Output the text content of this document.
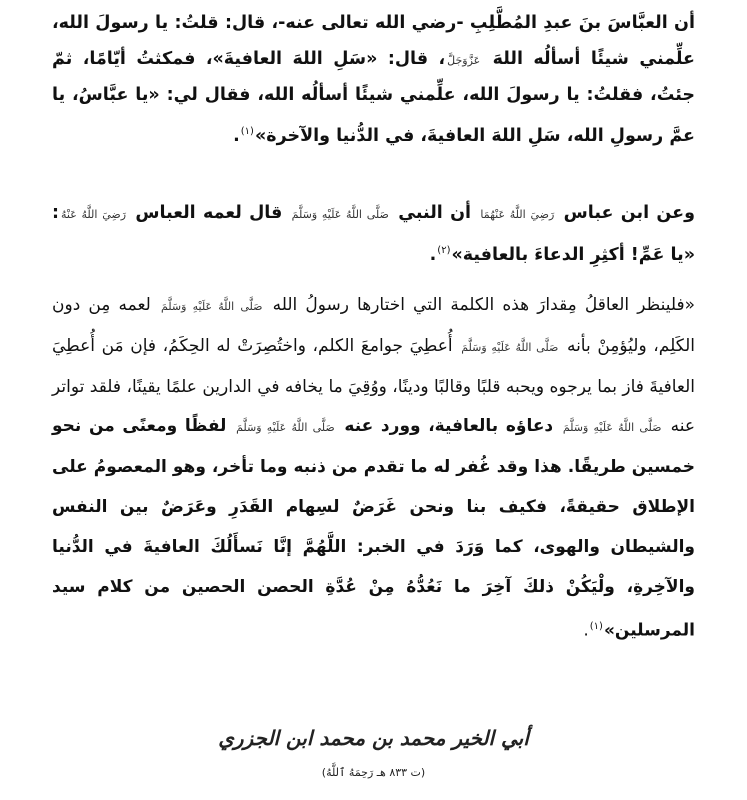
أن العبَّاسَ بنَ عبدِ المُطَّلِبِ -رضي الله تعالى عنه-، قال: قلتُ: يا رسولَ الله، علِّمني شيئًا أسألُه اللهَ عَزَّوَجَلَّ، قال: «سَلِ اللهَ العافيةَ»، فمكثتُ أيّامًا، ثمّ جئتُ، فقلتُ: يا رسولَ الله، علِّمني شيئًا أسألُه الله، فقال لي: «يا عبَّاسُ، يا عمَّ رسولِ الله، سَلِ اللهَ العافيةَ، في الدُّنيا والآخرة»$^{(١)}$.

وعن ابن عباس رَضِيَ اللَّهُ عَنْهُمَا أن النبي صَلَّى اللَّهُ عَلَيْهِ وَسَلَّمَ قال لعمه العباس رَضِيَ اللَّهُ عَنْهُ: «يا عَمِّ! أكثِرِ الدعاءَ بالعافية»$^{(٢)}$.

«فلينظر العاقلُ مِقدارَ هذه الكلمة التي اختارها رسولُ الله صَلَّى اللَّهُ عَلَيْهِ وَسَلَّمَ لعمه مِن دون الكَلِم، وليُؤمِنْ بأنه صَلَّى اللَّهُ عَلَيْهِ وَسَلَّمَ أُعطِيَ جوامعَ الكلم، واختُصِرَتْ له الحِكَمُ، فإن مَن أُعطِيَ العافيةَ فاز بما يرجوه ويحبه قلبًا وقالبًا ودينًا، ووُقِيَ ما يخافه في الدارين علمًا يقينًا، فلقد تواتر عنه صَلَّى اللَّهُ عَلَيْهِ وَسَلَّمَ دعاؤه بالعافية، وورد عنه صَلَّى اللَّهُ عَلَيْهِ وَسَلَّمَ لفظًا ومعنًى من نحو خمسين طريقًا. هذا وقد غُفر له ما تقدم من ذنبه وما تأخر، وهو المعصومُ على الإطلاق حقيقةً، فكيف بنا ونحن غَرَضٌ لسِهام القَدَرِ وعَرَضٌ بين النفس والشيطان والهوى، كما وَرَدَ في الخبر: اللَّهُمَّ إنَّا نَسأَلُكَ العافيةَ في الدُّنيا والآخِرةِ، ولْيَكُنْ ذلكَ آخِرَ ما نَعُدُّهُ مِنْ عُدَّةِ الحصن الحصين من كلام سيد المرسلين»$^{(١)}$.

أبي الخير محمد بن محمد ابن الجزري
(ت ٨٣٣ هـ رَحِمَهُ ٱللَّهُ)
